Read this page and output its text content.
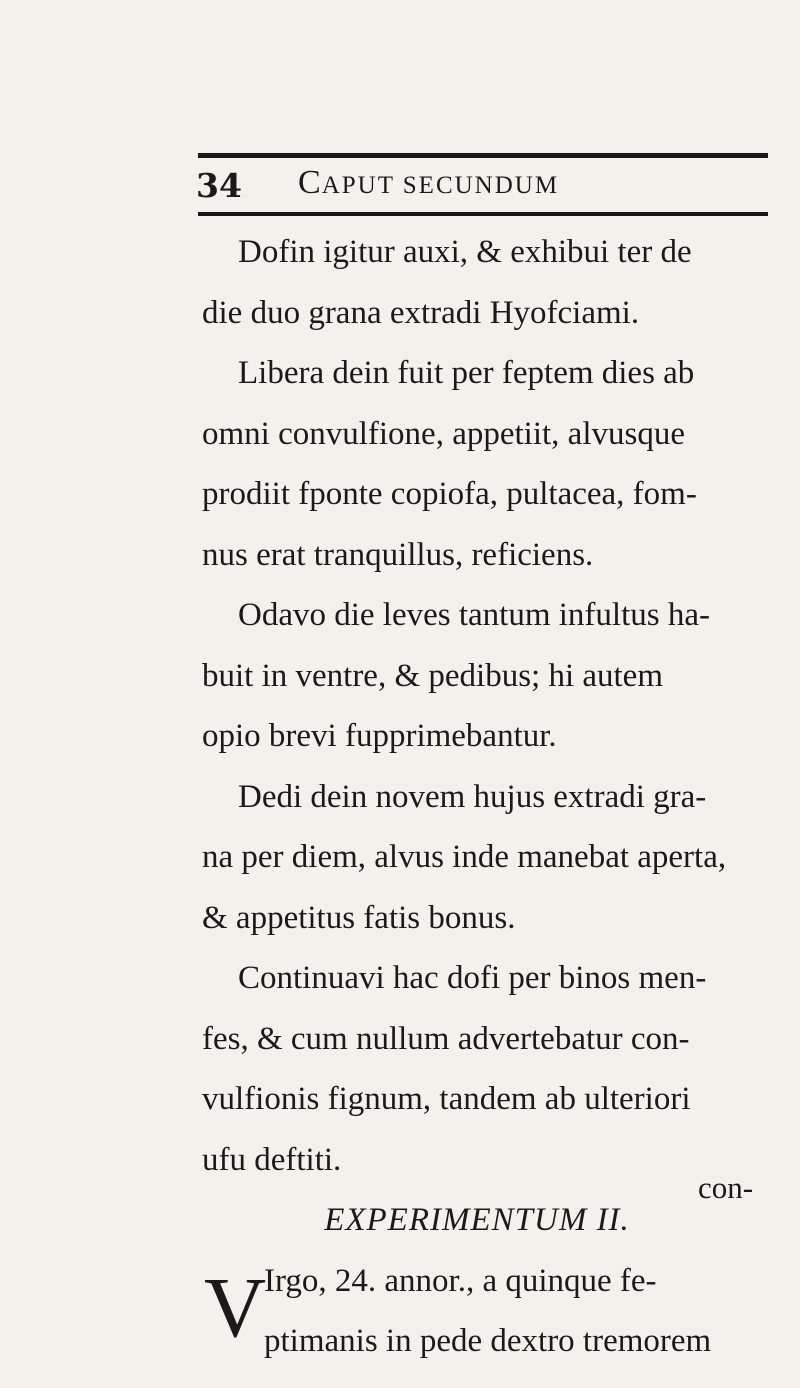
34 CAPUT SECUNDUM
Dofin igitur auxi, & exhibui ter de
die duo grana extradi Hyofciami.
Libera dein fuit per feptem dies ab
omni convulfione, appetiit, alvusque
prodiit fponte copiofa, pultacea, fom-
nus erat tranquillus, reficiens.
Odavo die leves tantum infultus ha-
buit in ventre, & pedibus; hi autem
opio brevi fupprimebantur.
Dedi dein novem hujus extradi gra-
na per diem, alvus inde manebat aperta,
& appetitus fatis bonus.
Continuavi hac dofi per binos men-
fes, & cum nullum advertebatur con-
vulfionis fignum, tandem ab ulteriori
ufu deftiti.
EXPERIMENTUM II.
V
Irgo, 24. annor., a quinque fe-
ptimanis in pede dextro tremorem
con-
